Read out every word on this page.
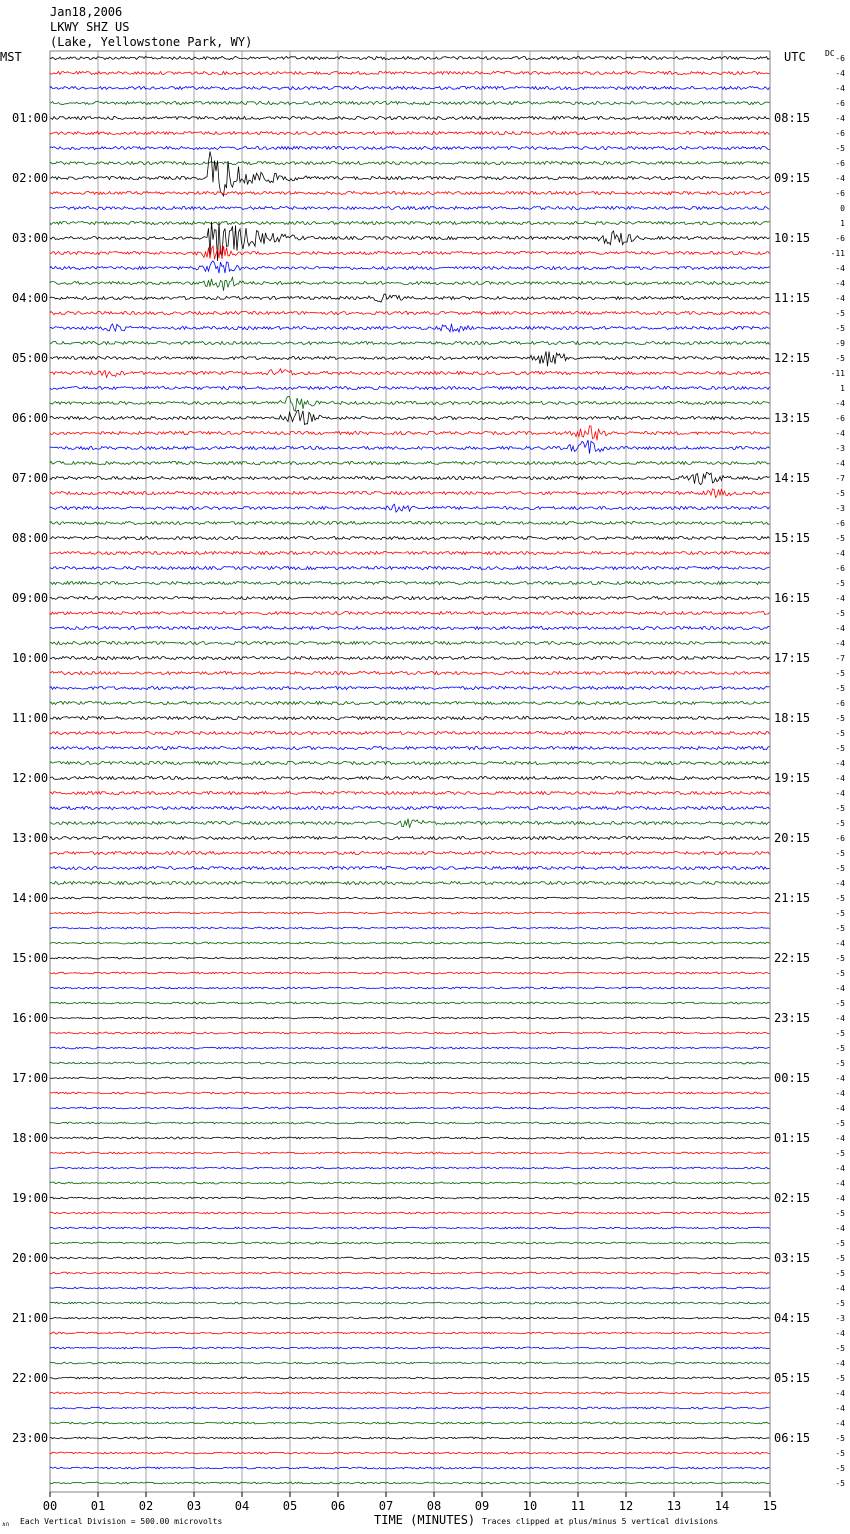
01:00
02:00
03:00
04:00
05:00
06:00
07:00
08:00
09:00
10:00
11:00
12:00
13:00
14:00
15:00
16:00
17:00
18:00
19:00
20:00
21:00
22:00
23:00
08:15
09:15
10:15
11:15
12:15
13:15
14:15
15:15
16:15
17:15
18:15
19:15
20:15
21:15
22:15
23:15
00:15
01:15
02:15
03:15
04:15
05:15
06:15
-6
-4
-4
-6
-4
-6
-5
-6
-4
-6
0
1
-6
-11
-4
-4
-4
-5
-5
-9
-5
-11
1
-4
-6
-4
-3
-4
-7
-5
-3
-6
-5
-4
-6
-5
-4
-5
-4
-4
-7
-5
-5
-6
-5
-5
-5
-4
-4
-4
-5
-5
-6
-5
-5
-4
-5
-5
-5
-4
-5
-5
-4
-5
-4
-5
-5
-5
-4
-4
-4
-5
-4
-5
-4
-4
-4
-5
-4
-5
-5
-5
-4
-5
-3
-4
-5
-4
-5
-4
-4
-4
-5
-5
-5
-5
00	01	02	03	04	05	06	07	08	09	10	11	12	13	14	15
MST	UTC DC
TIME (MINUTES)
Each Vertical Division = 500.00 microvolts	Traces clipped at plus/minus 5 vertical divisions
∧∩
Jan18,2006
LKWY SHZ US
(Lake, Yellowstone Park, WY)
